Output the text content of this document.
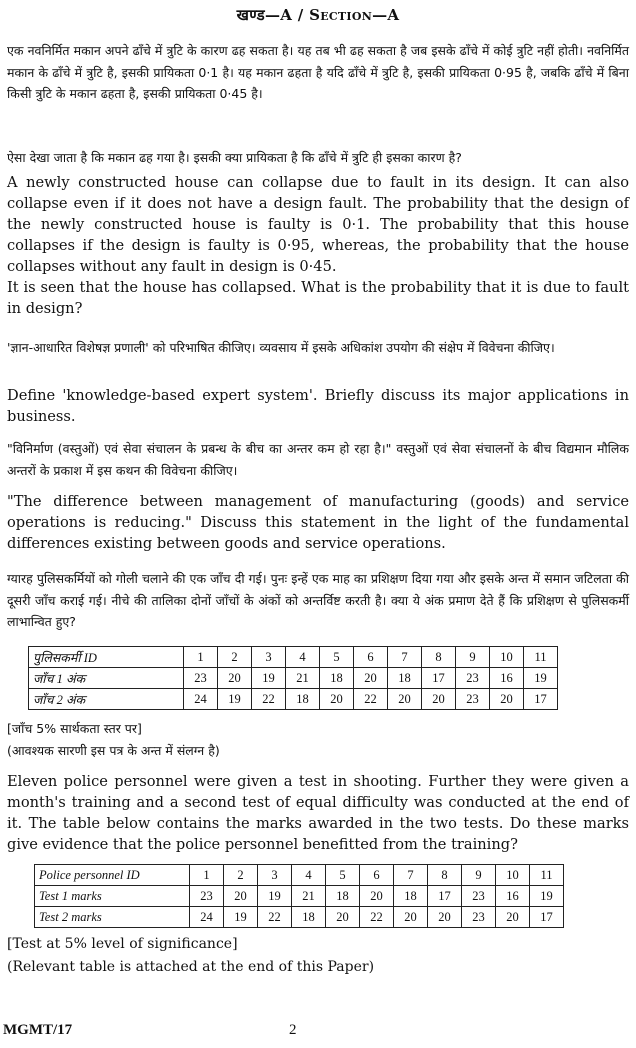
खण्ड—A / Section—A

एक नवनिर्मित मकान अपने ढाँचे में त्रुटि के कारण ढह सकता है। यह तब भी ढह सकता है जब इसके ढाँचे में कोई त्रुटि नहीं होती। नवनिर्मित मकान के ढाँचे में त्रुटि है, इसकी प्रायिकता 0·1 है। यह मकान ढहता है यदि ढाँचे में त्रुटि है, इसकी प्रायिकता 0·95 है, जबकि ढाँचे में बिना किसी त्रुटि के मकान ढहता है, इसकी प्रायिकता 0·45 है।

ऐसा देखा जाता है कि मकान ढह गया है। इसकी क्या प्रायिकता है कि ढाँचे में त्रुटि ही इसका कारण है?

A newly constructed house can collapse due to fault in its design. It can also collapse even if it does not have a design fault. The probability that the design of the newly constructed house is faulty is 0·1. The probability that this house collapses if the design is faulty is 0·95, whereas, the probability that the house collapses without any fault in design is 0·45.

It is seen that the house has collapsed. What is the probability that it is due to fault in design?

'ज्ञान-आधारित विशेषज्ञ प्रणाली' को परिभाषित कीजिए। व्यवसाय में इसके अधिकांश उपयोग की संक्षेप में विवेचना कीजिए।

Define 'knowledge-based expert system'. Briefly discuss its major applications in business.

"विनिर्माण (वस्तुओं) एवं सेवा संचालन के प्रबन्ध के बीच का अन्तर कम हो रहा है।" वस्तुओं एवं सेवा संचालनों के बीच विद्यमान मौलिक अन्तरों के प्रकाश में इस कथन की विवेचना कीजिए।

"The difference between management of manufacturing (goods) and service operations is reducing." Discuss this statement in the light of the fundamental differences existing between goods and service operations.

ग्यारह पुलिसकर्मियों को गोली चलाने की एक जाँच दी गई। पुनः इन्हें एक माह का प्रशिक्षण दिया गया और इसके अन्त में समान जटिलता की दूसरी जाँच कराई गई। नीचे की तालिका दोनों जाँचों के अंकों को अन्तर्विष्ट करती है। क्या ये अंक प्रमाण देते हैं कि प्रशिक्षण से पुलिसकर्मी लाभान्वित हुए?

पुलिसकर्मी ID	1	2	3	4	5	6	7	8	9	10	11
जाँच 1 अंक	23	20	19	21	18	20	18	17	23	16	19
जाँच 2 अंक	24	19	22	18	20	22	20	20	23	20	17

[जाँच 5% सार्थकता स्तर पर]

(आवश्यक सारणी इस पत्र के अन्त में संलग्न है)

Eleven police personnel were given a test in shooting. Further they were given a month's training and a second test of equal difficulty was conducted at the end of it. The table below contains the marks awarded in the two tests. Do these marks give evidence that the police personnel benefitted from the training?

Police personnel ID	1	2	3	4	5	6	7	8	9	10	11
Test 1 marks	23	20	19	21	18	20	18	17	23	16	19
Test 2 marks	24	19	22	18	20	22	20	20	23	20	17

[Test at 5% level of significance]

(Relevant table is attached at the end of this Paper)

MGMT/17	2
